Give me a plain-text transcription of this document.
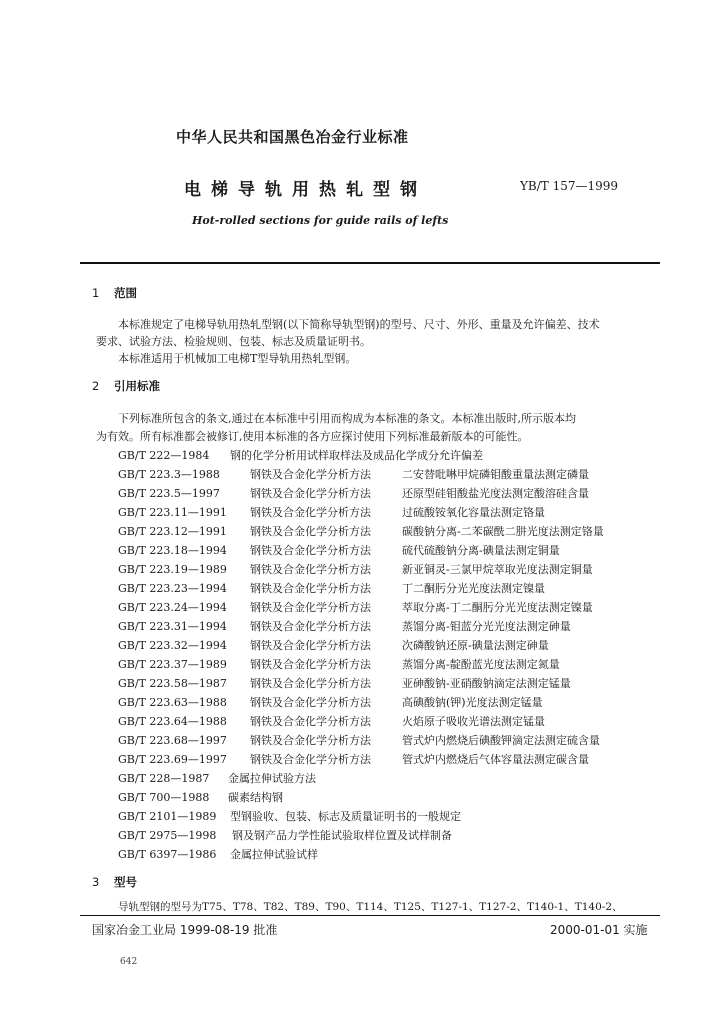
中华人民共和国黑色冶金行业标准
电梯导轨用热轧型钢	YB/T 157—1999
Hot-rolled sections for guide rails of lefts
1 范围
本标准规定了电梯导轨用热轧型钢(以下简称导轨型钢)的型号、尺寸、外形、重量及允许偏差、技术
要求、试验方法、检验规则、包装、标志及质量证明书。
本标准适用于机械加工电梯T型导轨用热轧型钢。
2 引用标准
下列标准所包含的条文,通过在本标准中引用而构成为本标准的条文。本标准出版时,所示版本均
为有效。所有标准都会被修订,使用本标准的各方应探讨使用下列标准最新版本的可能性。
GB/T 222—1984 钢的化学分析用试样取样法及成品化学成分允许偏差
GB/T 223.3—1988	钢铁及合金化学分析方法	二安替吡啉甲烷磷钼酸重量法测定磷量
GB/T 223.5—1997	钢铁及合金化学分析方法	还原型硅钼酸盐光度法测定酸溶硅含量
GB/T 223.11—1991 钢铁及合金化学分析方法	过硫酸铵氧化容量法测定铬量
GB/T 223.12—1991 钢铁及合金化学分析方法	碳酸钠分离-二苯碳酰二肼光度法测定铬量
GB/T 223.18—1994 钢铁及合金化学分析方法	硫代硫酸钠分离-碘量法测定铜量
GB/T 223.19—1989 钢铁及合金化学分析方法	新亚铜灵-三氯甲烷萃取光度法测定铜量
GB/T 223.23—1994 钢铁及合金化学分析方法	丁二酮肟分光光度法测定镍量
GB/T 223.24—1994 钢铁及合金化学分析方法	萃取分离-丁二酮肟分光光度法测定镍量
GB/T 223.31—1994 钢铁及合金化学分析方法	蒸馏分离-钼蓝分光光度法测定砷量
GB/T 223.32—1994 钢铁及合金化学分析方法	次磷酸钠还原-碘量法测定砷量
GB/T 223.37—1989 钢铁及合金化学分析方法	蒸馏分离-靛酚蓝光度法测定氮量
GB/T 223.58—1987 钢铁及合金化学分析方法	亚砷酸钠-亚硝酸钠滴定法测定锰量
GB/T 223.63—1988 钢铁及合金化学分析方法	高碘酸钠(钾)光度法测定锰量
GB/T 223.64—1988 钢铁及合金化学分析方法	火焰原子吸收光谱法测定锰量
GB/T 223.68—1997 钢铁及合金化学分析方法	管式炉内燃烧后碘酸钾滴定法测定硫含量
GB/T 223.69—1997 钢铁及合金化学分析方法	管式炉内燃烧后气体容量法测定碳含量
GB/T 228—1987 金属拉伸试验方法
GB/T 700—1988 碳素结构钢
GB/T 2101—1989 型钢验收、包装、标志及质量证明书的一般规定
GB/T 2975—1998 钢及钢产品力学性能试验取样位置及试样制备
GB/T 6397—1986 金属拉伸试验试样
3 型号
导轨型钢的型号为T75、T78、T82、T89、T90、T114、T125、T127-1、T127-2、T140-1、T140-2、
国家冶金工业局 1999-08-19 批准	2000-01-01 实施
642
